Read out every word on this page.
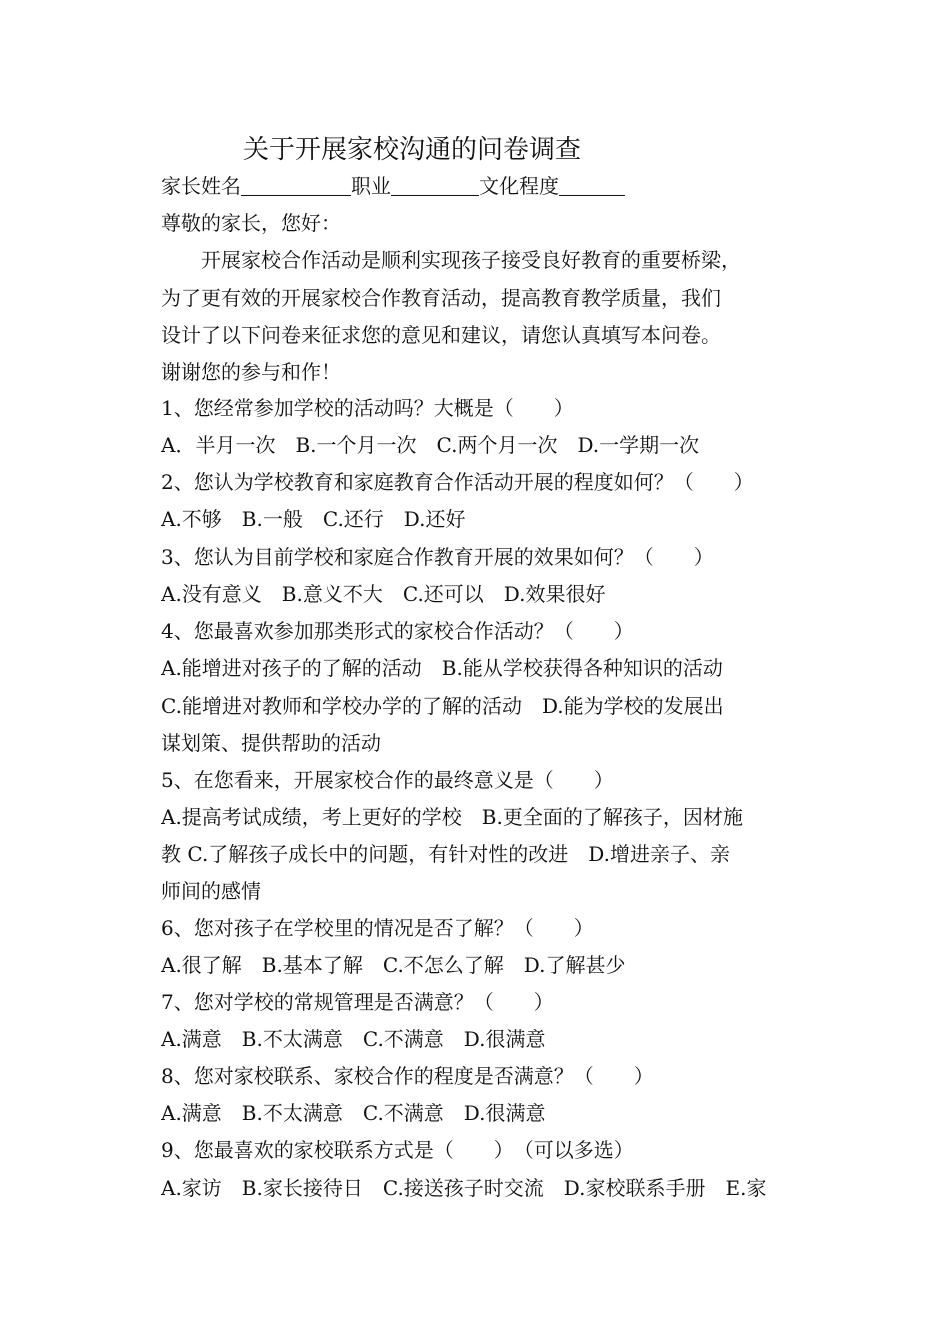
关于开展家校沟通的问卷调查
家长姓名	职业	文化程度
尊敬的家长，您好：
　　开展家校合作活动是顺利实现孩子接受良好教育的重要桥梁，
为了更有效的开展家校合作教育活动，提高教育教学质量，我们
设计了以下问卷来征求您的意见和建议，请您认真填写本问卷。
谢谢您的参与和作！
1、您经常参加学校的活动吗？大概是（　　）
A．半月一次　B.一个月一次　C.两个月一次　D.一学期一次
2、您认为学校教育和家庭教育合作活动开展的程度如何？（　　）
A.不够　B.一般　C.还行　D.还好
3、您认为目前学校和家庭合作教育开展的效果如何？（　　）
A.没有意义　B.意义不大　C.还可以　D.效果很好
4、您最喜欢参加那类形式的家校合作活动？（　　）
A.能增进对孩子的了解的活动　B.能从学校获得各种知识的活动
C.能增进对教师和学校办学的了解的活动　D.能为学校的发展出
谋划策、提供帮助的活动
5、在您看来，开展家校合作的最终意义是（　　）
A.提高考试成绩，考上更好的学校　B.更全面的了解孩子，因材施
教 C.了解孩子成长中的问题，有针对性的改进　D.增进亲子、亲
师间的感情
6、您对孩子在学校里的情况是否了解？（　　）
A.很了解　B.基本了解　C.不怎么了解　D.了解甚少
7、您对学校的常规管理是否满意？（　　）
A.满意　B.不太满意　C.不满意　D.很满意
8、您对家校联系、家校合作的程度是否满意？（　　）
A.满意　B.不太满意　C.不满意　D.很满意
9、您最喜欢的家校联系方式是（　　）　（可以多选）
A.家访　B.家长接待日　C.接送孩子时交流　D.家校联系手册　E.家
